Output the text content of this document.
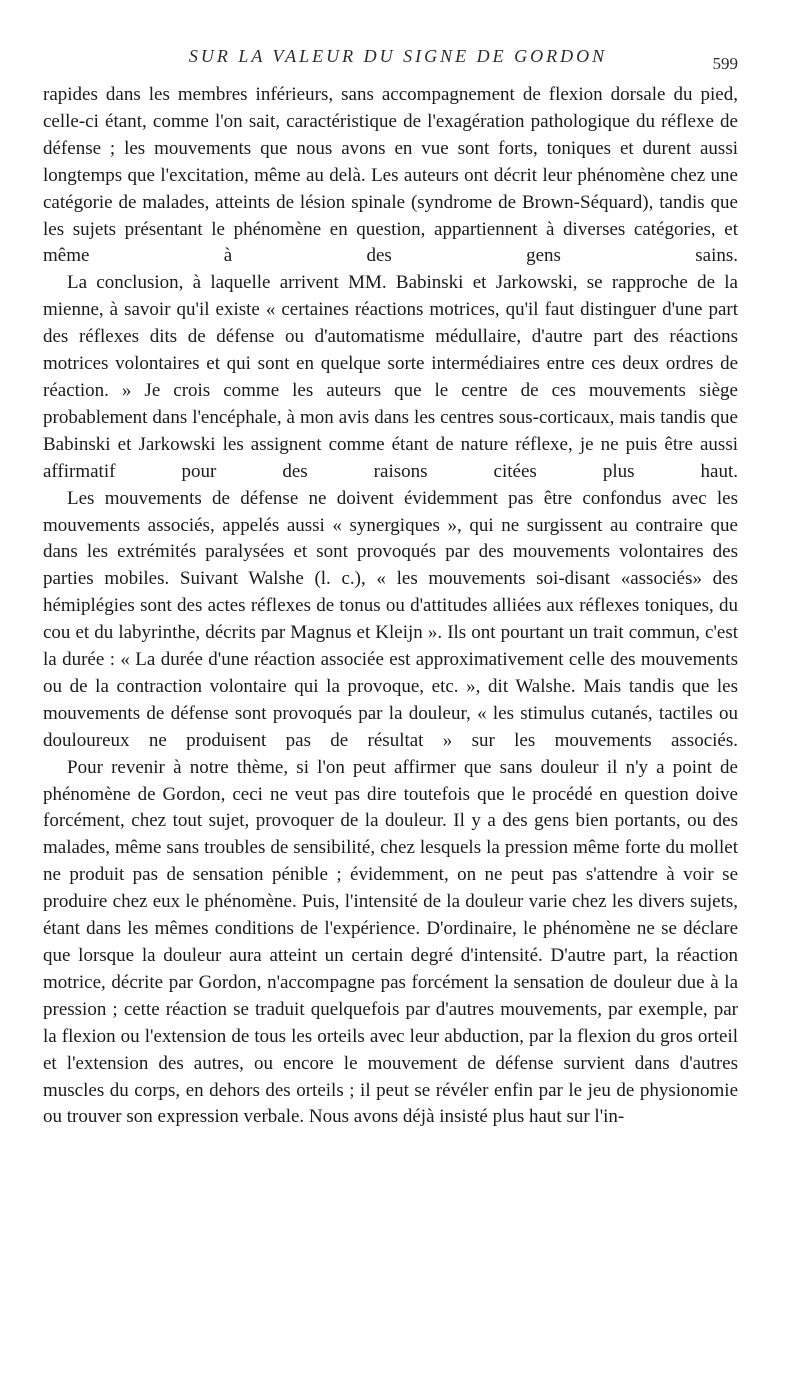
SUR LA VALEUR DU SIGNE DE GORDON	599

rapides dans les membres inférieurs, sans accompagnement de flexion dorsale du pied, celle-ci étant, comme l'on sait, caractéristique de l'exagération pathologique du réflexe de défense ; les mouvements que nous avons en vue sont forts, toniques et durent aussi longtemps que l'excitation, même au delà. Les auteurs ont décrit leur phénomène chez une catégorie de malades, atteints de lésion spinale (syndrome de Brown-Séquard), tandis que les sujets présentant le phénomène en question, appartiennent à diverses catégories, et même à des gens sains.

La conclusion, à laquelle arrivent MM. Babinski et Jarkowski, se rapproche de la mienne, à savoir qu'il existe « certaines réactions motrices, qu'il faut distinguer d'une part des réflexes dits de défense ou d'automatisme médullaire, d'autre part des réactions motrices volontaires et qui sont en quelque sorte intermédiaires entre ces deux ordres de réaction. » Je crois comme les auteurs que le centre de ces mouvements siège probablement dans l'encéphale, à mon avis dans les centres sous-corticaux, mais tandis que Babinski et Jarkowski les assignent comme étant de nature réflexe, je ne puis être aussi affirmatif pour des raisons citées plus haut.

Les mouvements de défense ne doivent évidemment pas être confondus avec les mouvements associés, appelés aussi « synergiques », qui ne surgissent au contraire que dans les extrémités paralysées et sont provoqués par des mouvements volontaires des parties mobiles. Suivant Walshe (l. c.), « les mouvements soi-disant «associés» des hémiplégies sont des actes réflexes de tonus ou d'attitudes alliées aux réflexes toniques, du cou et du labyrinthe, décrits par Magnus et Kleijn ». Ils ont pourtant un trait commun, c'est la durée : « La durée d'une réaction associée est approximativement celle des mouvements ou de la contraction volontaire qui la provoque, etc. », dit Walshe. Mais tandis que les mouvements de défense sont provoqués par la douleur, « les stimulus cutanés, tactiles ou douloureux ne produisent pas de résultat » sur les mouvements associés.

Pour revenir à notre thème, si l'on peut affirmer que sans douleur il n'y a point de phénomène de Gordon, ceci ne veut pas dire toutefois que le procédé en question doive forcément, chez tout sujet, provoquer de la douleur. Il y a des gens bien portants, ou des malades, même sans troubles de sensibilité, chez lesquels la pression même forte du mollet ne produit pas de sensation pénible ; évidemment, on ne peut pas s'attendre à voir se produire chez eux le phénomène. Puis, l'intensité de la douleur varie chez les divers sujets, étant dans les mêmes conditions de l'expérience. D'ordinaire, le phénomène ne se déclare que lorsque la douleur aura atteint un certain degré d'intensité. D'autre part, la réaction motrice, décrite par Gordon, n'accompagne pas forcément la sensation de douleur due à la pression ; cette réaction se traduit quelquefois par d'autres mouvements, par exemple, par la flexion ou l'extension de tous les orteils avec leur abduction, par la flexion du gros orteil et l'extension des autres, ou encore le mouvement de défense survient dans d'autres muscles du corps, en dehors des orteils ; il peut se révéler enfin par le jeu de physionomie ou trouver son expression verbale. Nous avons déjà insisté plus haut sur l'in-
